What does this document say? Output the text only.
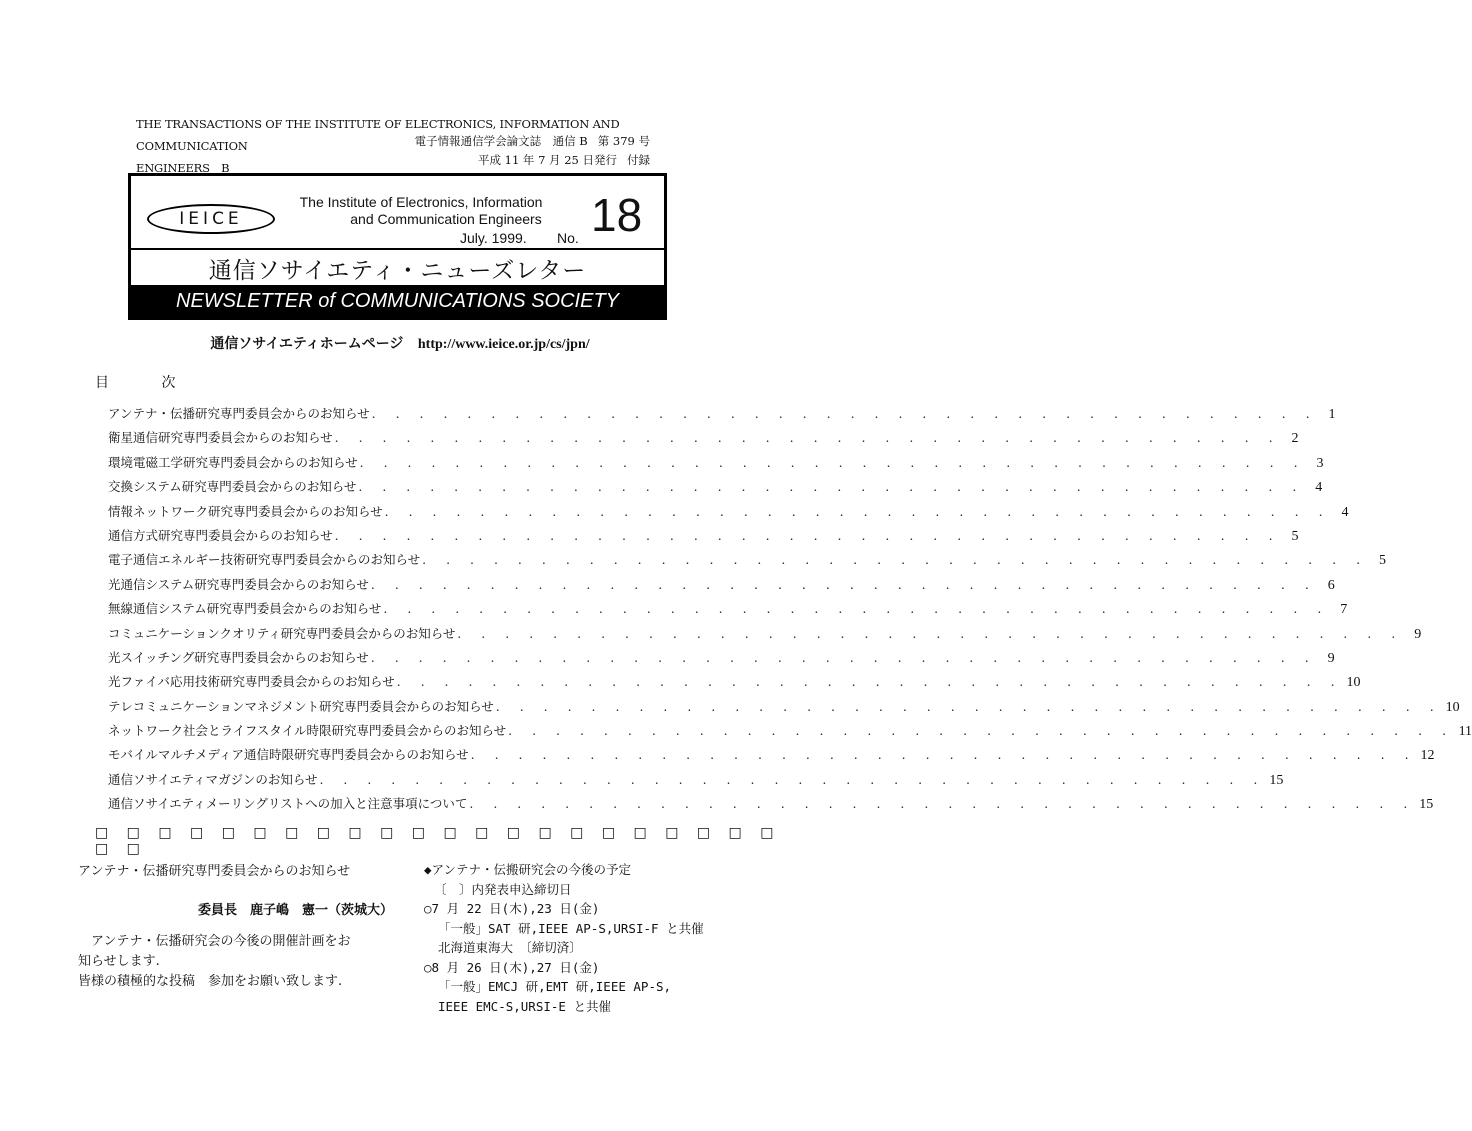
THE TRANSACTIONS OF THE INSTITUTE OF ELECTRONICS, INFORMATION AND COMMUNICATION
ENGINEERS　B
電子情報通信学会論文誌　通信 B 第 379 号
平成 11 年 7 月 25 日発行 付録
IEICE
The Institute of Electronics, Information
and Communication Engineers
July. 1999. No. 18
通信ソサイエティ・ニューズレター
NEWSLETTER of COMMUNICATIONS SOCIETY
通信ソサイエティホームページ http://www.ieice.or.jp/cs/jpn/
目 次
アンテナ・伝播研究専門委員会からのお知らせ . . . . . . . . . . . . . . . . . . . . . . . . . . . . . . . . . . . . . . . . 1
衛星通信研究専門委員会からのお知らせ . . . . . . . . . . . . . . . . . . . . . . . . . . . . . . . . . . . . . . . . 2
環境電磁工学研究専門委員会からのお知らせ . . . . . . . . . . . . . . . . . . . . . . . . . . . . . . . . . . . . . . . . 3
交換システム研究専門委員会からのお知らせ . . . . . . . . . . . . . . . . . . . . . . . . . . . . . . . . . . . . . . . . 4
情報ネットワーク研究専門委員会からのお知らせ . . . . . . . . . . . . . . . . . . . . . . . . . . . . . . . . . . . . . . . . 4
通信方式研究専門委員会からのお知らせ . . . . . . . . . . . . . . . . . . . . . . . . . . . . . . . . . . . . . . . . 5
電子通信エネルギー技術研究専門委員会からのお知らせ . . . . . . . . . . . . . . . . . . . . . . . . . . . . . . . . . . . . . . . . 5
光通信システム研究専門委員会からのお知らせ . . . . . . . . . . . . . . . . . . . . . . . . . . . . . . . . . . . . . . . . 6
無線通信システム研究専門委員会からのお知らせ . . . . . . . . . . . . . . . . . . . . . . . . . . . . . . . . . . . . . . . . 7
コミュニケーションクオリティ研究専門委員会からのお知らせ . . . . . . . . . . . . . . . . . . . . . . . . . . . . . . . . . . . . . . . . 9
光スイッチング研究専門委員会からのお知らせ . . . . . . . . . . . . . . . . . . . . . . . . . . . . . . . . . . . . . . . . 9
光ファイバ応用技術研究専門委員会からのお知らせ . . . . . . . . . . . . . . . . . . . . . . . . . . . . . . . . . . . . . . . . 10
テレコミュニケーションマネジメント研究専門委員会からのお知らせ . . . . . . . . . . . . . . . . . . . . . . . . . . . . . . . . . . . . . . . . 10
ネットワーク社会とライフスタイル時限研究専門委員会からのお知らせ . . . . . . . . . . . . . . . . . . . . . . . . . . . . . . . . . . . . . . . . 11
モバイルマルチメディア通信時限研究専門委員会からのお知らせ . . . . . . . . . . . . . . . . . . . . . . . . . . . . . . . . . . . . . . . . 12
通信ソサイエティマガジンのお知らせ . . . . . . . . . . . . . . . . . . . . . . . . . . . . . . . . . . . . . . . . 15
通信ソサイエティメーリングリストへの加入と注意事項について . . . . . . . . . . . . . . . . . . . . . . . . . . . . . . . . . . . . . . . . 15
□ □ □ □ □ □ □ □ □ □ □ □ □ □ □ □ □ □ □ □ □ □ □ □
アンテナ・伝播研究専門委員会からのお知らせ
委員長　鹿子嶋　憲一（茨城大）

アンテナ・伝播研究会の今後の開催計画をお

知らせします.

皆様の積極的な投稿　参加をお願い致します.

◆アンテナ・伝搬研究会の今後の予定
〔　〕内発表申込締切日
○7 月 22 日(木),23 日(金)
「一般」SAT 研,IEEE AP-S,URSI-F と共催
北海道東海大　〔締切済〕
○8 月 26 日(木),27 日(金)
「一般」EMCJ 研,EMT 研,IEEE AP-S,
IEEE EMC-S,URSI-E と共催
